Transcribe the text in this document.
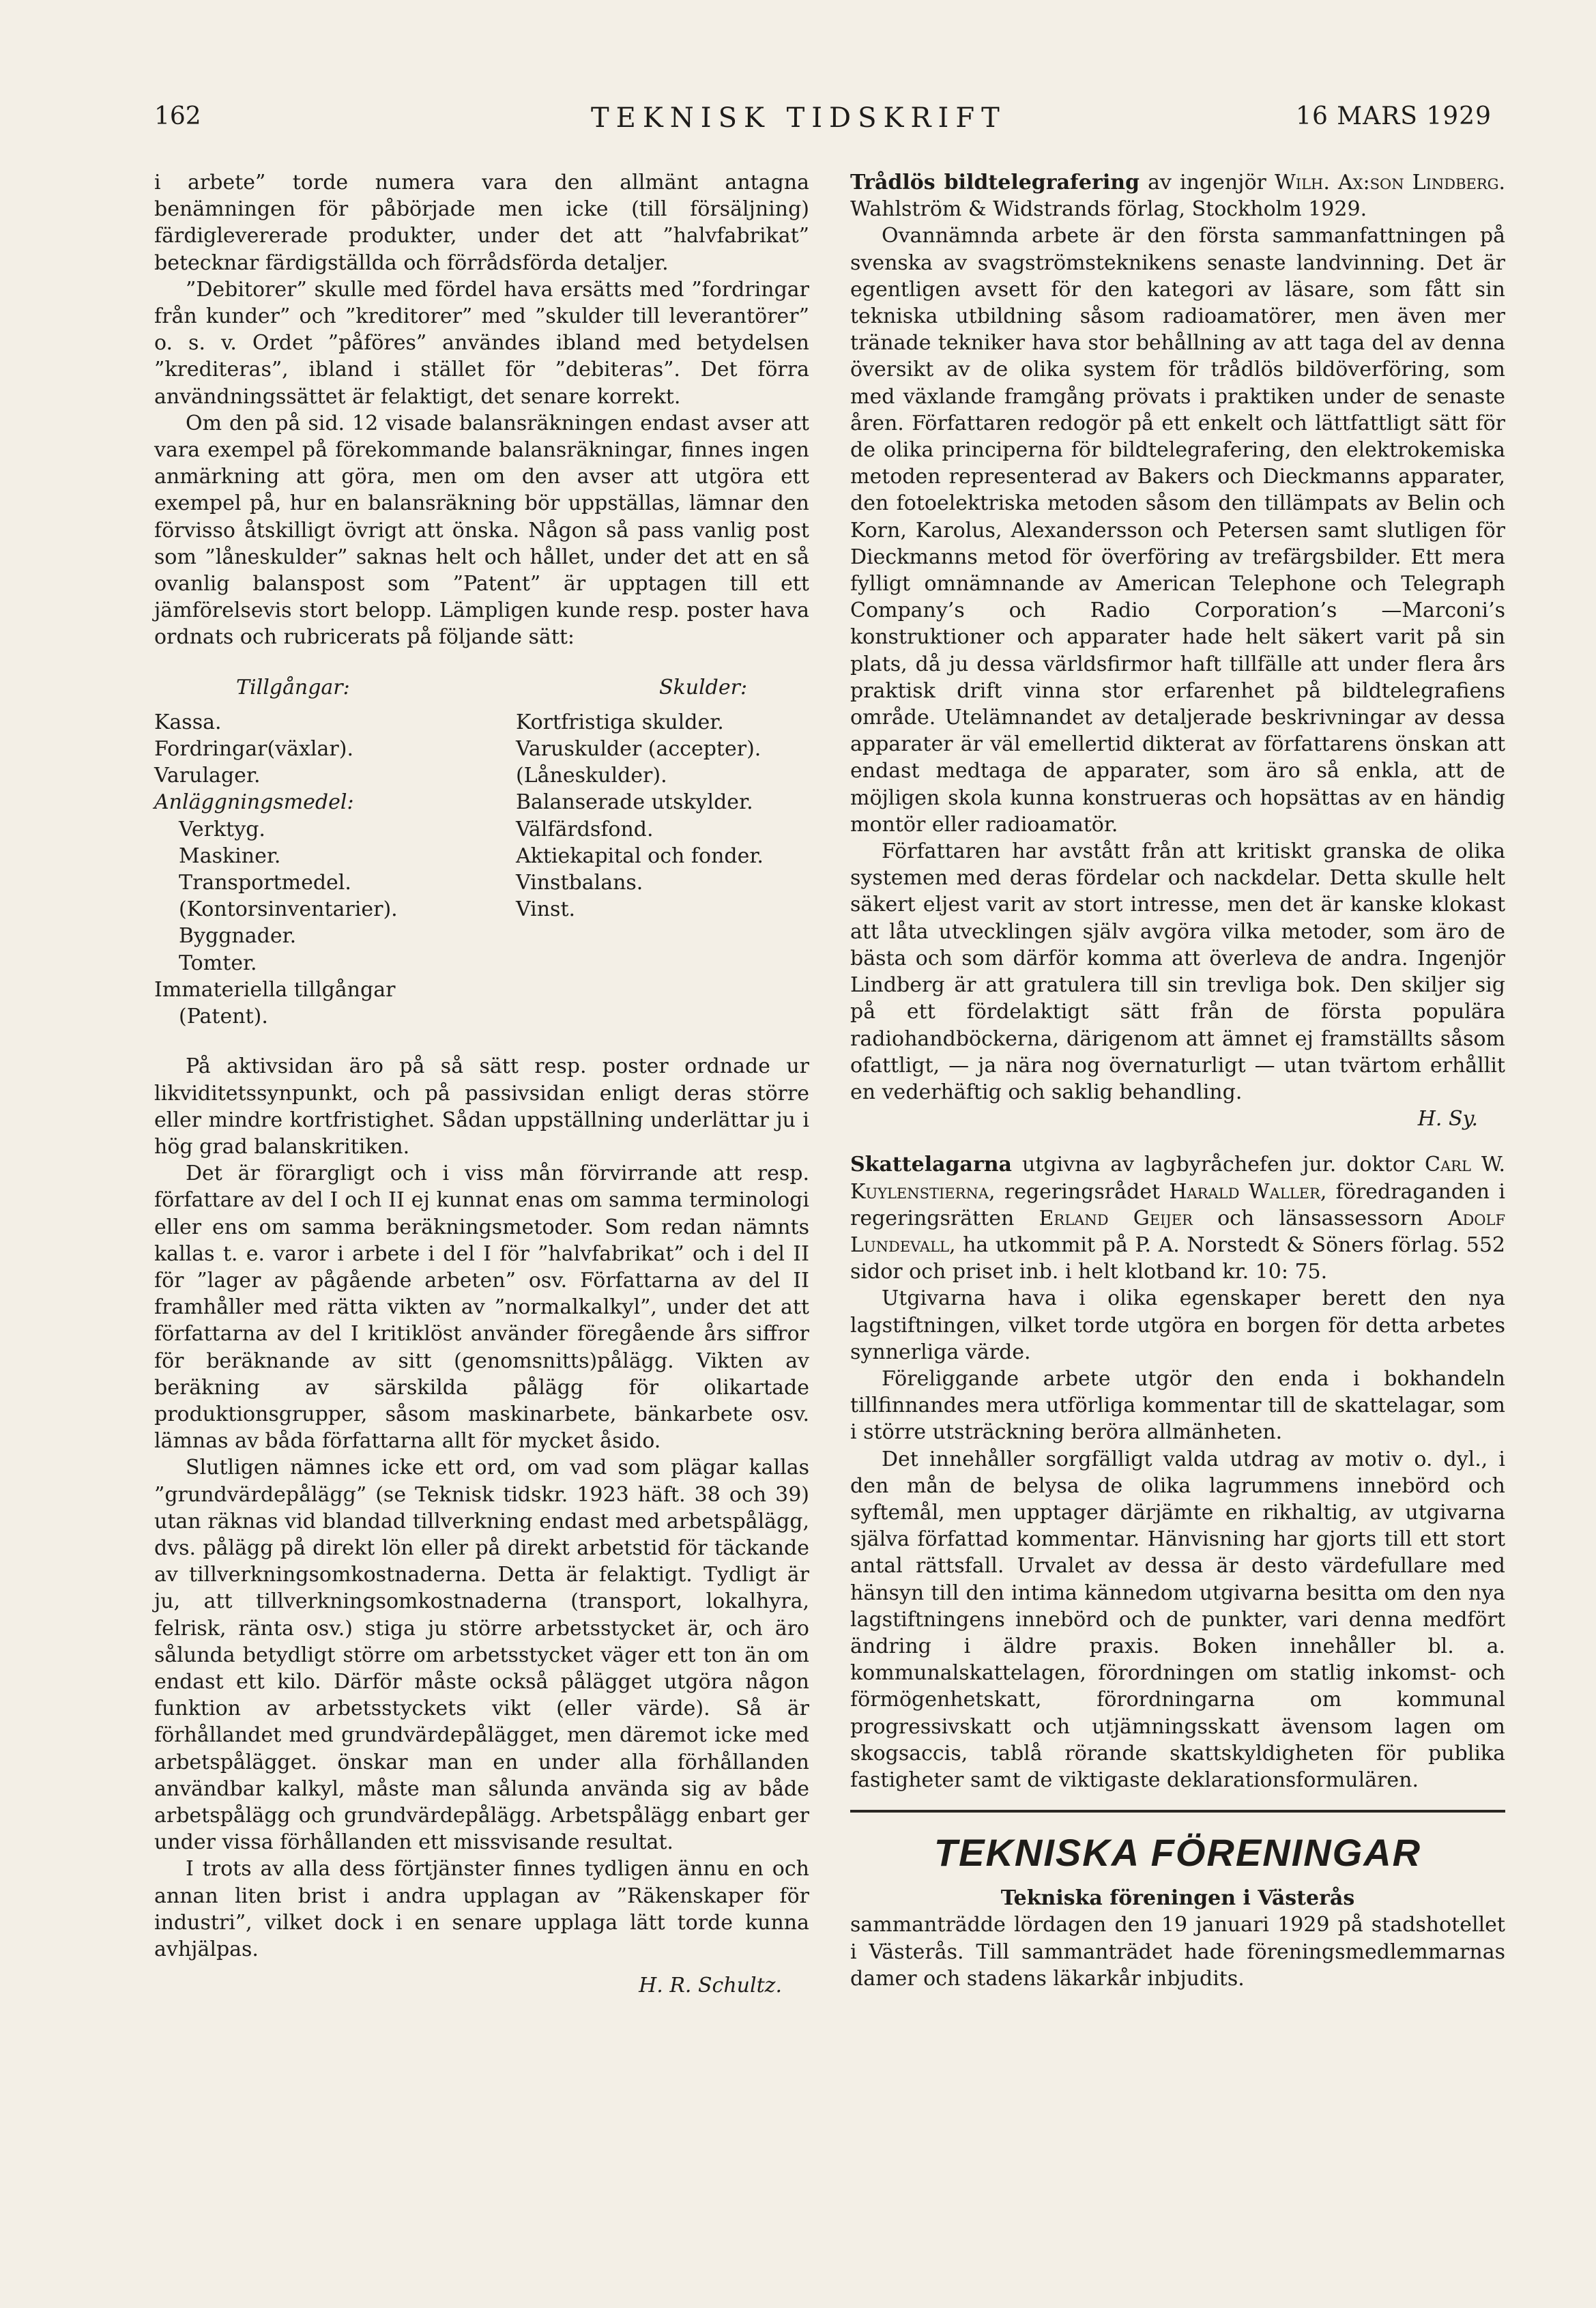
162	TEKNISK TIDSKRIFT	16 MARS 1929

i arbete” torde numera vara den allmänt antagna benämningen för påbörjade men icke (till försäljning) färdiglevererade produkter, under det att ”halvfabrikat” betecknar färdigställda och förrådsförda detaljer.

”Debitorer” skulle med fördel hava ersätts med ”fordringar från kunder” och ”kreditorer” med ”skulder till leverantörer” o. s. v. Ordet ”påföres” användes ibland med betydelsen ”krediteras”, ibland i stället för ”debiteras”. Det förra användningssättet är felaktigt, det senare korrekt.

Om den på sid. 12 visade balansräkningen endast avser att vara exempel på förekommande balansräkningar, finnes ingen anmärkning att göra, men om den avser att utgöra ett exempel på, hur en balansräkning bör uppställas, lämnar den förvisso åtskilligt övrigt att önska. Någon så pass vanlig post som ”låneskulder” saknas helt och hållet, under det att en så ovanlig balanspost som ”Patent” är upptagen till ett jämförelsevis stort belopp. Lämpligen kunde resp. poster hava ordnats och rubricerats på följande sätt:

Tillgångar:
Kassa.
Fordringar(växlar).
Varulager.
Anläggningsmedel:
Verktyg.
Maskiner.
Transportmedel.
(Kontorsinventarier).
Byggnader.
Tomter.
Immateriella tillgångar
(Patent).
Skulder:
Kortfristiga skulder.
Varuskulder (accepter).
(Låneskulder).
Balanserade utskylder.
Välfärdsfond.
Aktiekapital och fonder.
Vinstbalans.
Vinst.

På aktivsidan äro på så sätt resp. poster ordnade ur likviditetssynpunkt, och på passivsidan enligt deras större eller mindre kortfristighet. Sådan uppställning underlättar ju i hög grad balanskritiken.

Det är förargligt och i viss mån förvirrande att resp. författare av del I och II ej kunnat enas om samma terminologi eller ens om samma beräkningsmetoder. Som redan nämnts kallas t. e. varor i arbete i del I för ”halvfabrikat” och i del II för ”lager av pågående arbeten” osv. Författarna av del II framhåller med rätta vikten av ”normalkalkyl”, under det att författarna av del I kritiklöst använder föregående års siffror för beräknande av sitt (genomsnitts)pålägg. Vikten av beräkning av särskilda pålägg för olikartade produktionsgrupper, såsom maskinarbete, bänkarbete osv. lämnas av båda författarna allt för mycket åsido.

Slutligen nämnes icke ett ord, om vad som plägar kallas ”grundvärdepålägg” (se Teknisk tidskr. 1923 häft. 38 och 39) utan räknas vid blandad tillverkning endast med arbetspålägg, dvs. pålägg på direkt lön eller på direkt arbetstid för täckande av tillverkningsomkostnaderna. Detta är felaktigt. Tydligt är ju, att tillverkningsomkostnaderna (transport, lokalhyra, felrisk, ränta osv.) stiga ju större arbetsstycket är, och äro sålunda betydligt större om arbetsstycket väger ett ton än om endast ett kilo. Därför måste också pålägget utgöra någon funktion av arbetsstyckets vikt (eller värde). Så är förhållandet med grundvärdepålägget, men däremot icke med arbetspålägget. önskar man en under alla förhållanden användbar kalkyl, måste man sålunda använda sig av både arbetspålägg och grundvärdepålägg. Arbetspålägg enbart ger under vissa förhållanden ett missvisande resultat.

I trots av alla dess förtjänster finnes tydligen ännu en och annan liten brist i andra upplagan av ”Räkenskaper för industri”, vilket dock i en senare upplaga lätt torde kunna avhjälpas.

H. R. Schultz.

Trådlös bildtelegrafering av ingenjör Wilh. Ax:son Lindberg. Wahlström & Widstrands förlag, Stockholm 1929.

Ovannämnda arbete är den första sammanfattningen på svenska av svagströmsteknikens senaste landvinning. Det är egentligen avsett för den kategori av läsare, som fått sin tekniska utbildning såsom radioamatörer, men även mer tränade tekniker hava stor behållning av att taga del av denna översikt av de olika system för trådlös bildöverföring, som med växlande framgång prövats i praktiken under de senaste åren. Författaren redogör på ett enkelt och lättfattligt sätt för de olika principerna för bildtelegrafering, den elektrokemiska metoden representerad av Bakers och Dieckmanns apparater, den fotoelektriska metoden såsom den tillämpats av Belin och Korn, Karolus, Alexandersson och Petersen samt slutligen för Dieckmanns metod för överföring av trefärgsbilder. Ett mera fylligt omnämnande av American Telephone och Telegraph Company’s och Radio Corporation’s —Marconi’s konstruktioner och apparater hade helt säkert varit på sin plats, då ju dessa världsfirmor haft tillfälle att under flera års praktisk drift vinna stor erfarenhet på bildtelegrafiens område. Utelämnandet av detaljerade beskrivningar av dessa apparater är väl emellertid dikterat av författarens önskan att endast medtaga de apparater, som äro så enkla, att de möjligen skola kunna konstrueras och hopsättas av en händig montör eller radioamatör.

Författaren har avstått från att kritiskt granska de olika systemen med deras fördelar och nackdelar. Detta skulle helt säkert eljest varit av stort intresse, men det är kanske klokast att låta utvecklingen själv avgöra vilka metoder, som äro de bästa och som därför komma att överleva de andra. Ingenjör Lindberg är att gratulera till sin trevliga bok. Den skiljer sig på ett fördelaktigt sätt från de första populära radiohandböckerna, därigenom att ämnet ej framställts såsom ofattligt, — ja nära nog övernaturligt — utan tvärtom erhållit en vederhäftig och saklig behandling.

H. Sy.

Skattelagarna utgivna av lagbyråchefen jur. doktor Carl W. Kuylenstierna, regeringsrådet Harald Waller, föredraganden i regeringsrätten Erland Geijer och länsassessorn Adolf Lundevall, ha utkommit på P. A. Norstedt & Söners förlag. 552 sidor och priset inb. i helt klotband kr. 10: 75.

Utgivarna hava i olika egenskaper berett den nya lagstiftningen, vilket torde utgöra en borgen för detta arbetes synnerliga värde.

Föreliggande arbete utgör den enda i bokhandeln tillfinnandes mera utförliga kommentar till de skattelagar, som i större utsträckning beröra allmänheten.

Det innehåller sorgfälligt valda utdrag av motiv o. dyl., i den mån de belysa de olika lagrummens innebörd och syftemål, men upptager därjämte en rikhaltig, av utgivarna själva författad kommentar. Hänvisning har gjorts till ett stort antal rättsfall. Urvalet av dessa är desto värdefullare med hänsyn till den intima kännedom utgivarna besitta om den nya lagstiftningens innebörd och de punkter, vari denna medfört ändring i äldre praxis. Boken innehåller bl. a. kommunalskattelagen, förordningen om statlig inkomst- och förmögenhetskatt, förordningarna om kommunal progressivskatt och utjämningsskatt ävensom lagen om skogsaccis, tablå rörande skattskyldigheten för publika fastigheter samt de viktigaste deklarationsformulären.

TEKNISKA FÖRENINGAR
Tekniska föreningen i Västerås

sammanträdde lördagen den 19 januari 1929 på stadshotellet i Västerås. Till sammanträdet hade föreningsmedlemmarnas damer och stadens läkarkår inbjudits.
